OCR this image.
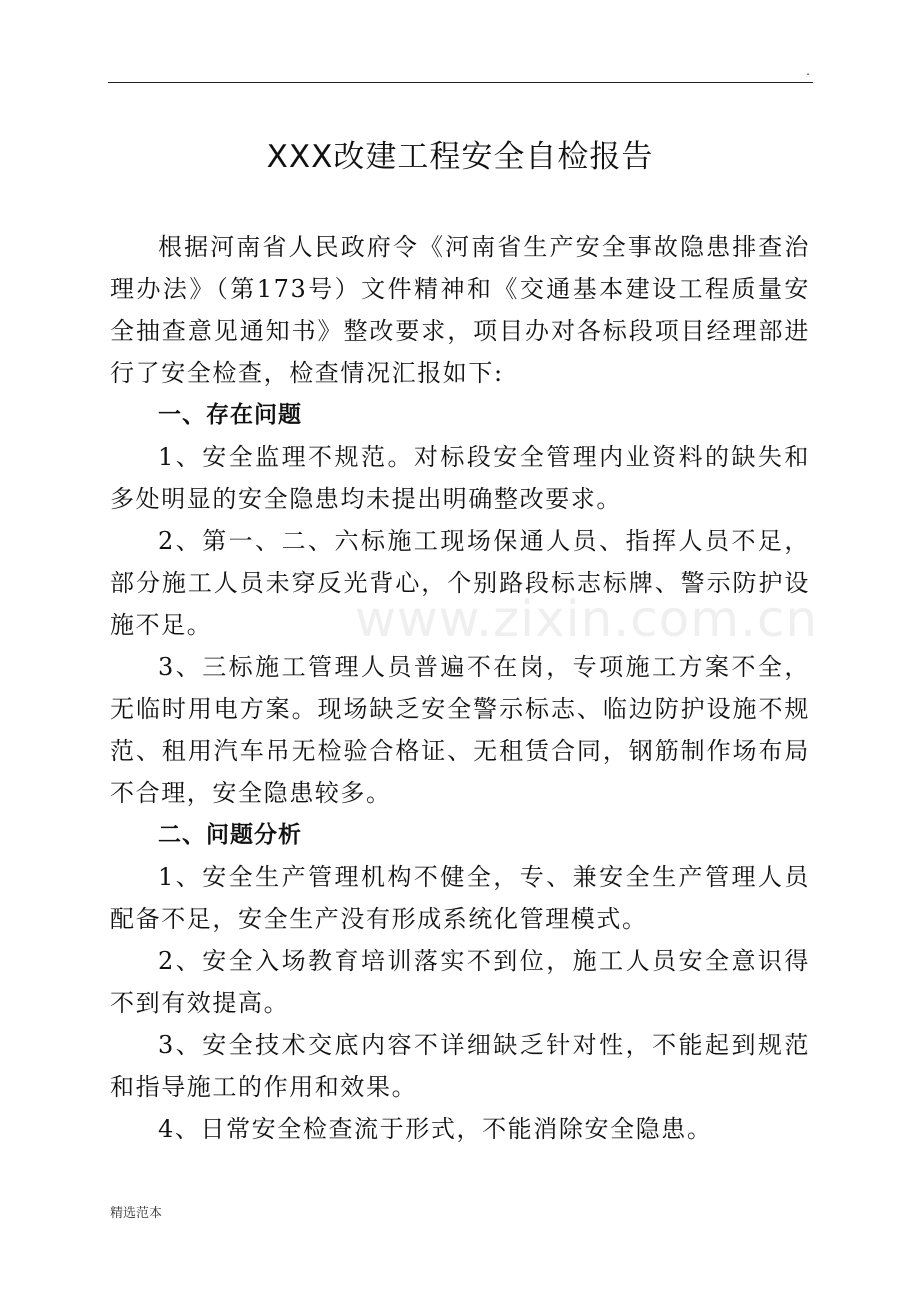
.
XXX改建工程安全自检报告

根据河南省人民政府令《河南省生产安全事故隐患排查治理办法》（第173号）文件精神和《交通基本建设工程质量安全抽查意见通知书》整改要求，项目办对各标段项目经理部进行了安全检查，检查情况汇报如下:

一、存在问题

1、安全监理不规范。对标段安全管理内业资料的缺失和多处明显的安全隐患均未提出明确整改要求。

2、第一、二、六标施工现场保通人员、指挥人员不足，部分施工人员未穿反光背心，个别路段标志标牌、警示防护设施不足。

3、三标施工管理人员普遍不在岗，专项施工方案不全，无临时用电方案。现场缺乏安全警示标志、临边防护设施不规范、租用汽车吊无检验合格证、无租赁合同，钢筋制作场布局不合理，安全隐患较多。

二、问题分析

1、安全生产管理机构不健全，专、兼安全生产管理人员配备不足，安全生产没有形成系统化管理模式。

2、安全入场教育培训落实不到位，施工人员安全意识得不到有效提高。

3、安全技术交底内容不详细缺乏针对性，不能起到规范和指导施工的作用和效果。

4、日常安全检查流于形式，不能消除安全隐患。

www.zixin.com.cn
精选范本
